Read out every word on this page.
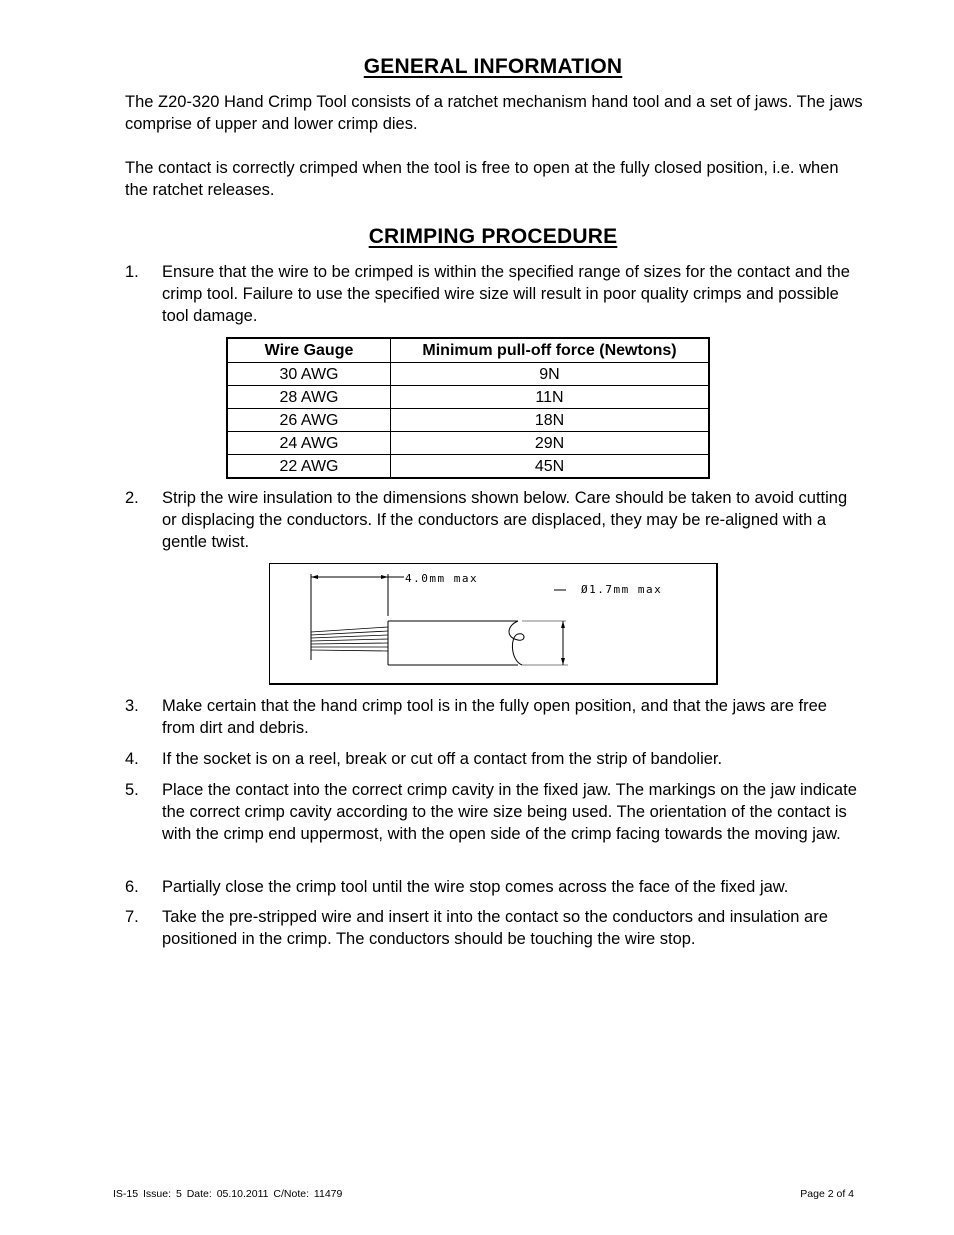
GENERAL INFORMATION

The Z20-320 Hand Crimp Tool consists of a ratchet mechanism hand tool and a set of jaws. The jaws comprise of upper and lower crimp dies.

The contact is correctly crimped when the tool is free to open at the fully closed position, i.e. when the ratchet releases.

CRIMPING PROCEDURE
1. Ensure that the wire to be crimped is within the specified range of sizes for the contact and the crimp tool. Failure to use the specified wire size will result in poor quality crimps and possible tool damage.
Wire Gauge	Minimum pull-off force (Newtons)
30 AWG	9N
28 AWG	11N
26 AWG	18N
24 AWG	29N
22 AWG	45N
2. Strip the wire insulation to the dimensions shown below. Care should be taken to avoid cutting or displacing the conductors. If the conductors are displaced, they may be re-aligned with a gentle twist.
4.0mm max
Ø1.7mm max
3. Make certain that the hand crimp tool is in the fully open position, and that the jaws are free from dirt and debris.
4. If the socket is on a reel, break or cut off a contact from the strip of bandolier.
5. Place the contact into the correct crimp cavity in the fixed jaw. The markings on the jaw indicate the correct crimp cavity according to the wire size being used. The orientation of the contact is with the crimp end uppermost, with the open side of the crimp facing towards the moving jaw.
6. Partially close the crimp tool until the wire stop comes across the face of the fixed jaw.
7. Take the pre-stripped wire and insert it into the contact so the conductors and insulation are positioned in the crimp. The conductors should be touching the wire stop.
IS-15 Issue: 5 Date: 05.10.2011 C/Note: 11479	Page 2 of 4
